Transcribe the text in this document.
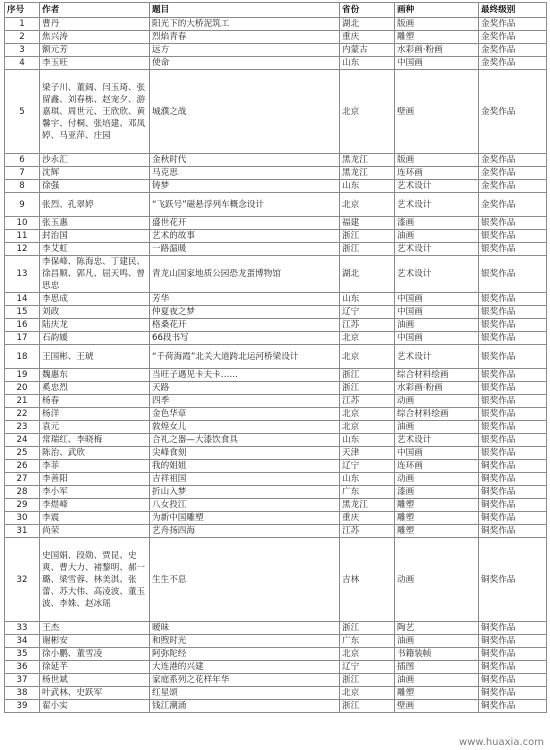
序号	作者	题目	省份	画种	最终级别
1	曹丹	阳光下的大桥泥筑工	湖北	版画	金奖作品
2	焦兴涛	烈焰青春	重庆	雕塑	金奖作品
3	额元芳	远方	内蒙古	水彩画·粉画	金奖作品
4	李玉旺	使命	山东	中国画	金奖作品
5	梁子川、董阔、闫玉琦、张留鑫、刘春栋、赵宠夕、游嘉琪、周世元、王欣欣、黄馨宇、付桐、张培建、邓凤婷、马亚萍、庄园	城濮之战	北京	壁画	金奖作品
6	沙永汇	金秋时代	黑龙江	版画	金奖作品
7	沈辉	马克思	黑龙江	连环画	金奖作品
8	徐强	铸梦	山东	艺术设计	金奖作品
9	张烈、孔翠婷	“飞跃号”磁悬浮列车概念设计	北京	艺术设计	金奖作品
10	张玉惠	盛世花开	福建	漆画	银奖作品
11	封治国	艺术的故事	浙江	油画	银奖作品
12	李艾虹	一路温暖	浙江	艺术设计	银奖作品
13	李保峰、陈海忠、丁建民、徐昌顺、郭凡、屈天鸣、曾思忠	青龙山国家地质公园恐龙蛋博物馆	湖北	艺术设计	银奖作品
14	李思成	芳华	山东	中国画	银奖作品
15	刘政	仲夏夜之梦	辽宁	中国画	银奖作品
16	陆庆龙	格桑花开	江苏	油画	银奖作品
17	石韵媛	66段书写	北京	中国画	银奖作品
18	王国彬、王琥	“千荷海霞”北关大道跨北运河桥梁设计	北京	艺术设计	银奖作品
19	魏惠东	当旺子遇见卡夫卡……	浙江	综合材料绘画	银奖作品
20	奚忠烈	天路	浙江	水彩画·粉画	银奖作品
21	杨春	四季	江苏	动画	银奖作品
22	杨洋	金色华章	北京	综合材料绘画	银奖作品
23	袁元	敦煌女儿	北京	油画	银奖作品
24	常瑞红、李晓梅	合礼之器—大漆饮食具	山东	艺术设计	银奖作品
25	陈治、武欣	尖峰食刻	天津	中国画	银奖作品
26	李菲	我的姐姐	辽宁	连环画	铜奖作品
27	李善阳	吉祥祖国	山东	动画	铜奖作品
28	李小军	折山入梦	广东	漆画	铜奖作品
29	李煜峰	八女投江	黑龙江	雕塑	铜奖作品
30	李震	为新中国雕塑	重庆	雕塑	铜奖作品
31	尚荣	艺舟扬四海	江苏	雕塑	铜奖作品
32	史国娟、段勋、贾昆、史爽、曹大力、褚黎明、郝一璐、梁雪蓉、林美淇、张蕾、苏大伟、高凌波、董玉波、李姝、赵冰瑶	生生不息	吉林	动画	铜奖作品
33	王杰	暧昧	浙江	陶艺	铜奖作品
34	谢彬安	和煦时光	广东	油画	铜奖作品
35	徐小鹏、董雪凌	阿弥陀经	北京	书籍装帧	铜奖作品
36	徐延芊	大连港的兴建	辽宁	插图	铜奖作品
37	杨世斌	家庭系列之花样年华	浙江	油画	铜奖作品
38	叶武林、史跃军	红星颂	北京	雕塑	铜奖作品
39	翟小实	钱江潮涌	浙江	壁画	铜奖作品
www.huaxia.com
